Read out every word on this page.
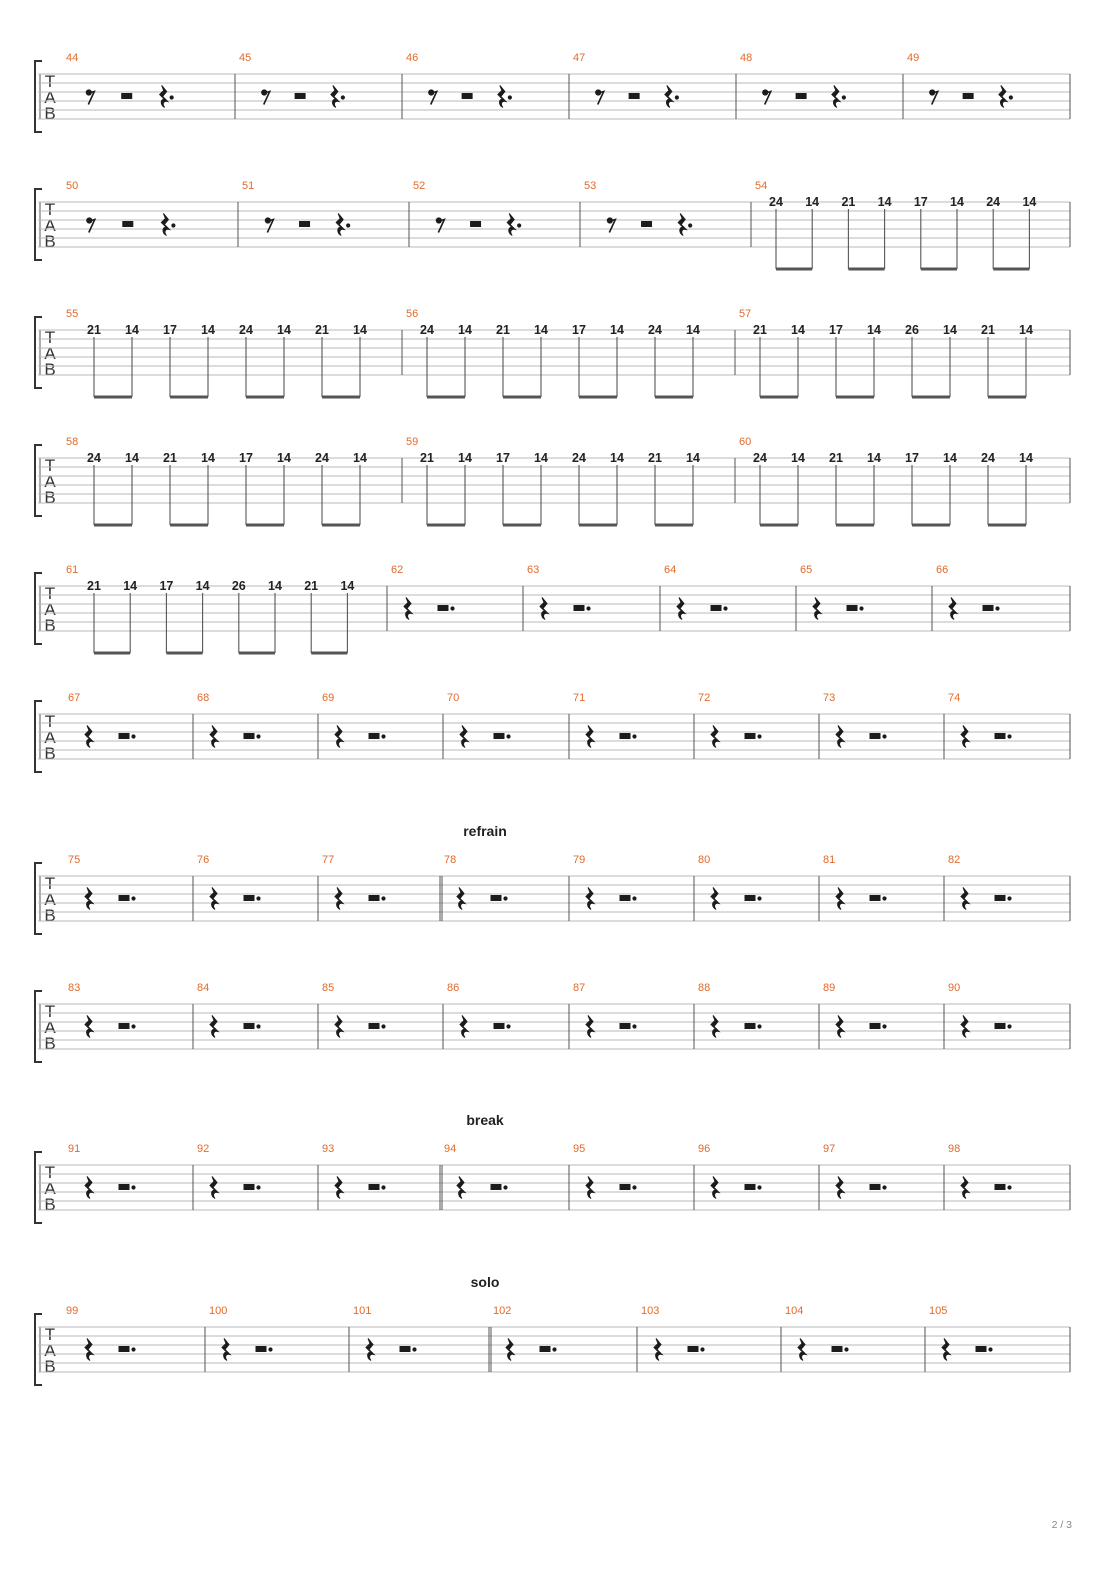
T
A
B
44	45	46	47	48	49
T
A
B
50	51	52	53	54
24 14 21 14 17 14 24 14
T
A
B
55
21 14 17 14 24 14 21 14
56
24 14 21 14 17 14 24 14
57
21 14 17 14 26 14 21 14
T
A
B
58
24 14 21 14 17 14 24 14
59
21 14 17 14 24 14 21 14
60
24 14 21 14 17 14 24 14
T
A
B
61
21 14 17 14 26 14 21 14
62	63	64	65	66
T
A
B
67	68	69	70	71	72	73	74
refrain
T
A
B
75	76	77	78	79	80	81	82
T
A
B
83	84	85	86	87	88	89	90
break
T
A
B
91	92	93	94	95	96	97	98
solo
T
A
B
99	100	101	102	103	104	105
2 / 3
